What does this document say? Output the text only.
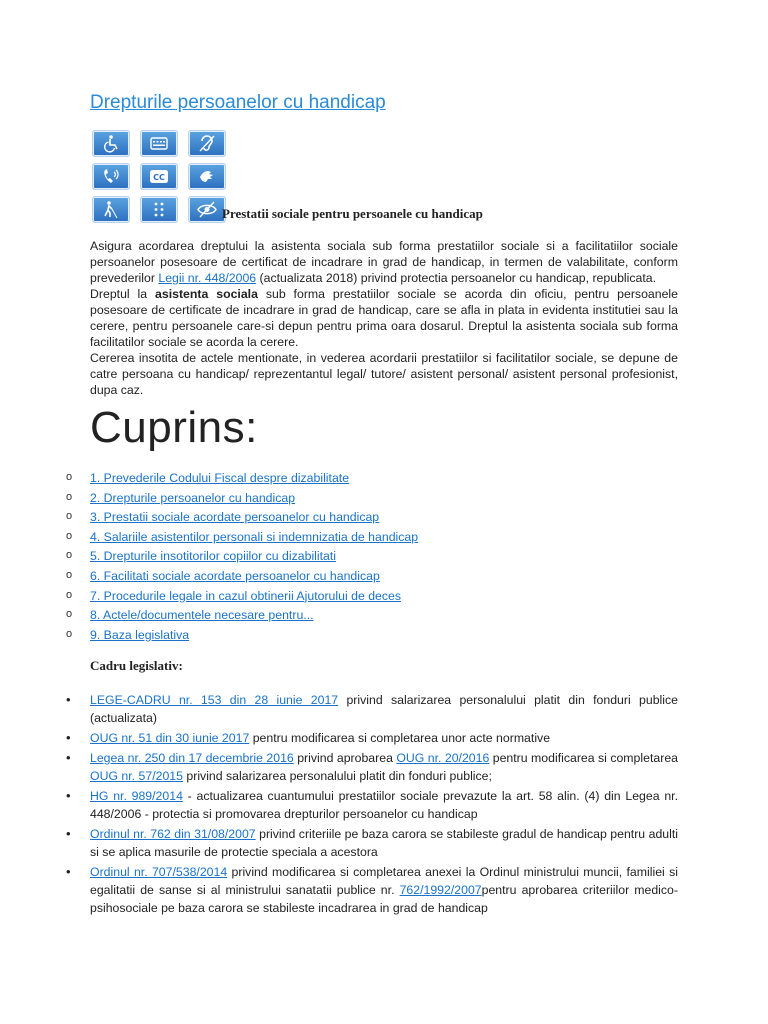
Drepturile persoanelor cu handicap
CC
Prestatii sociale pentru persoanele cu handicap

Asigura acordarea dreptului la asistenta sociala sub forma prestatiilor sociale si a facilitatiilor sociale persoanelor posesoare de certificat de incadrare in grad de handicap, in termen de valabilitate, conform prevederilor Legii nr. 448/2006 (actualizata 2018) privind protectia persoanelor cu handicap, republicata.

Dreptul la asistenta sociala sub forma prestatiilor sociale se acorda din oficiu, pentru persoanele posesoare de certificate de incadrare in grad de handicap, care se afla in plata in evidenta institutiei sau la cerere, pentru persoanele care-si depun pentru prima oara dosarul. Dreptul la asistenta sociala sub forma facilitatilor sociale se acorda la cerere.

Cererea insotita de actele mentionate, in vederea acordarii prestatiilor si facilitatilor sociale, se depune de catre persoana cu handicap/ reprezentantul legal/ tutore/ asistent personal/ asistent personal profesionist, dupa caz.

Cuprins:
o 1. Prevederile Codului Fiscal despre dizabilitate
o 2. Drepturile persoanelor cu handicap
o 3. Prestatii sociale acordate persoanelor cu handicap
o 4. Salariile asistentilor personali si indemnizatia de handicap
o 5. Drepturile insotitorilor copiilor cu dizabilitati
o 6. Facilitati sociale acordate persoanelor cu handicap
o 7. Procedurile legale in cazul obtinerii Ajutorului de deces
o 8. Actele/documentele necesare pentru...
o 9. Baza legislativa
Cadru legislativ:
• LEGE-CADRU nr. 153 din 28 iunie 2017 privind salarizarea personalului platit din fonduri publice (actualizata)
• OUG nr. 51 din 30 iunie 2017 pentru modificarea si completarea unor acte normative
• Legea nr. 250 din 17 decembrie 2016 privind aprobarea OUG nr. 20/2016 pentru modificarea si completarea OUG nr. 57/2015 privind salarizarea personalului platit din fonduri publice;
• HG nr. 989/2014 - actualizarea cuantumului prestatiilor sociale prevazute la art. 58 alin. (4) din Legea nr. 448/2006 - protectia si promovarea drepturilor persoanelor cu handicap
• Ordinul nr. 762 din 31/08/2007 privind criteriile pe baza carora se stabileste gradul de handicap pentru adulti si se aplica masurile de protectie speciala a acestora
• Ordinul nr. 707/538/2014 privind modificarea si completarea anexei la Ordinul ministrului muncii, familiei si egalitatii de sanse si al ministrului sanatatii publice nr. 762/1992/2007pentru aprobarea criteriilor medico-psihosociale pe baza carora se stabileste incadrarea in grad de handicap
